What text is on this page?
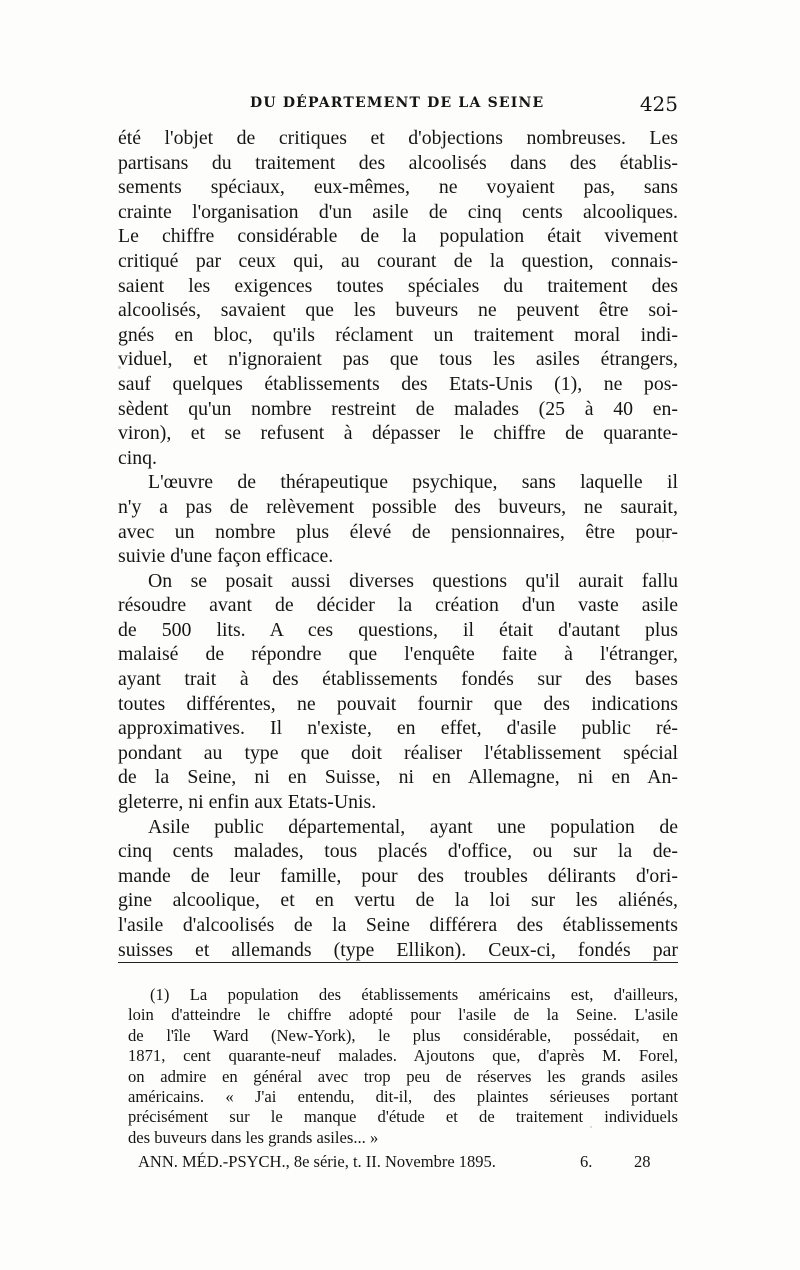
DU DÉPARTEMENT DE LA SEINE	425
été l'objet de critiques et d'objections nombreuses. Les
partisans du traitement des alcoolisés dans des établis-
sements spéciaux, eux-mêmes, ne voyaient pas, sans
crainte l'organisation d'un asile de cinq cents alcooliques.
Le chiffre considérable de la population était vivement
critiqué par ceux qui, au courant de la question, connais-
saient les exigences toutes spéciales du traitement des
alcoolisés, savaient que les buveurs ne peuvent être soi-
gnés en bloc, qu'ils réclament un traitement moral indi-
viduel, et n'ignoraient pas que tous les asiles étrangers,
sauf quelques établissements des Etats-Unis (1), ne pos-
sèdent qu'un nombre restreint de malades (25 à 40 en-
viron), et se refusent à dépasser le chiffre de quarante-
cinq.
L'œuvre de thérapeutique psychique, sans laquelle il
n'y a pas de relèvement possible des buveurs, ne saurait,
avec un nombre plus élevé de pensionnaires, être pour-
suivie d'une façon efficace.
On se posait aussi diverses questions qu'il aurait fallu
résoudre avant de décider la création d'un vaste asile
de 500 lits. A ces questions, il était d'autant plus
malaisé de répondre que l'enquête faite à l'étranger,
ayant trait à des établissements fondés sur des bases
toutes différentes, ne pouvait fournir que des indications
approximatives. Il n'existe, en effet, d'asile public ré-
pondant au type que doit réaliser l'établissement spécial
de la Seine, ni en Suisse, ni en Allemagne, ni en An-
gleterre, ni enfin aux Etats-Unis.
Asile public départemental, ayant une population de
cinq cents malades, tous placés d'office, ou sur la de-
mande de leur famille, pour des troubles délirants d'ori-
gine alcoolique, et en vertu de la loi sur les aliénés,
l'asile d'alcoolisés de la Seine différera des établissements
suisses et allemands (type Ellikon). Ceux-ci, fondés par
(1) La population des établissements américains est, d'ailleurs,
loin d'atteindre le chiffre adopté pour l'asile de la Seine. L'asile
de l'île Ward (New-York), le plus considérable, possédait, en
1871, cent quarante-neuf malades. Ajoutons que, d'après M. Forel,
on admire en général avec trop peu de réserves les grands asiles
américains. « J'ai entendu, dit-il, des plaintes sérieuses portant
précisément sur le manque d'étude et de traitement individuels
des buveurs dans les grands asiles... »
ANN. MÉD.-PSYCH., 8e série, t. II. Novembre 1895.	6.	28
